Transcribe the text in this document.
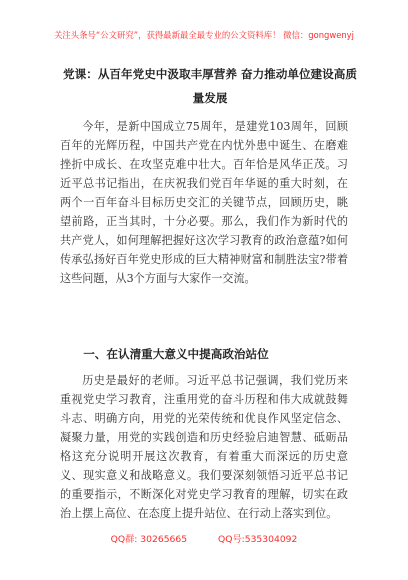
关注头条号“公文研究”，获得最新最全最专业的公文资料库！ 微信：gongwenyj
党课：从百年党史中汲取丰厚营养 奋力推动单位建设高质量发展

今年，是新中国成立75周年，是建党103周年，回顾百年的光辉历程，中国共产党在内忧外患中诞生、在磨难挫折中成长、在攻坚克难中壮大。百年恰是风华正茂。习近平总书记指出，在庆祝我们党百年华诞的重大时刻，在两个一百年奋斗目标历史交汇的关键节点，回顾历史，眺望前路，正当其时，十分必要。那么，我们作为新时代的共产党人，如何理解把握好这次学习教育的政治意蕴?如何传承弘扬好百年党史形成的巨大精神财富和制胜法宝?带着这些问题，从3个方面与大家作一交流。

一、在认清重大意义中提高政治站位

历史是最好的老师。习近平总书记强调，我们党历来重视党史学习教育，注重用党的奋斗历程和伟大成就鼓舞斗志、明确方向，用党的光荣传统和优良作风坚定信念、凝聚力量，用党的实践创造和历史经验启迪智慧、砥砺品格这充分说明开展这次教育，有着重大而深远的历史意义、现实意义和战略意义。我们要深刻领悟习近平总书记的重要指示，不断深化对党史学习教育的理解，切实在政治上摆上高位、在态度上提升站位、在行动上落实到位。

QQ群: 30265665	QQ号:535304092
